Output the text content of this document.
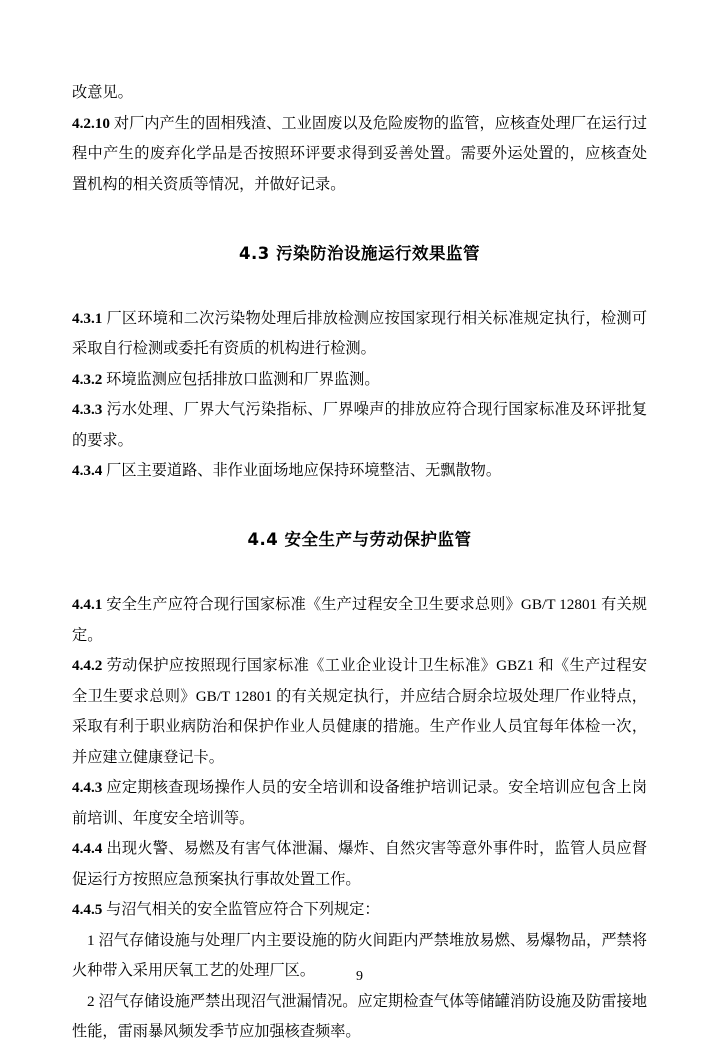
改意见。

4.2.10 对厂内产生的固相残渣、工业固废以及危险废物的监管，应核查处理厂在运行过程中产生的废弃化学品是否按照环评要求得到妥善处置。需要外运处置的，应核查处置机构的相关资质等情况，并做好记录。

4.3 污染防治设施运行效果监管

4.3.1 厂区环境和二次污染物处理后排放检测应按国家现行相关标准规定执行，检测可采取自行检测或委托有资质的机构进行检测。

4.3.2 环境监测应包括排放口监测和厂界监测。

4.3.3 污水处理、厂界大气污染指标、厂界噪声的排放应符合现行国家标准及环评批复的要求。

4.3.4 厂区主要道路、非作业面场地应保持环境整洁、无飘散物。

4.4 安全生产与劳动保护监管

4.4.1 安全生产应符合现行国家标准《生产过程安全卫生要求总则》GB/T 12801 有关规定。

4.4.2 劳动保护应按照现行国家标准《工业企业设计卫生标准》GBZ1 和《生产过程安全卫生要求总则》GB/T 12801 的有关规定执行，并应结合厨余垃圾处理厂作业特点，采取有利于职业病防治和保护作业人员健康的措施。生产作业人员宜每年体检一次，并应建立健康登记卡。

4.4.3 应定期核查现场操作人员的安全培训和设备维护培训记录。安全培训应包含上岗前培训、年度安全培训等。

4.4.4 出现火警、易燃及有害气体泄漏、爆炸、自然灾害等意外事件时，监管人员应督促运行方按照应急预案执行事故处置工作。

4.4.5 与沼气相关的安全监管应符合下列规定：

1 沼气存储设施与处理厂内主要设施的防火间距内严禁堆放易燃、易爆物品，严禁将火种带入采用厌氧工艺的处理厂区。

2 沼气存储设施严禁出现沼气泄漏情况。应定期检查气体等储罐消防设施及防雷接地性能，雷雨暴风频发季节应加强核查频率。

9
